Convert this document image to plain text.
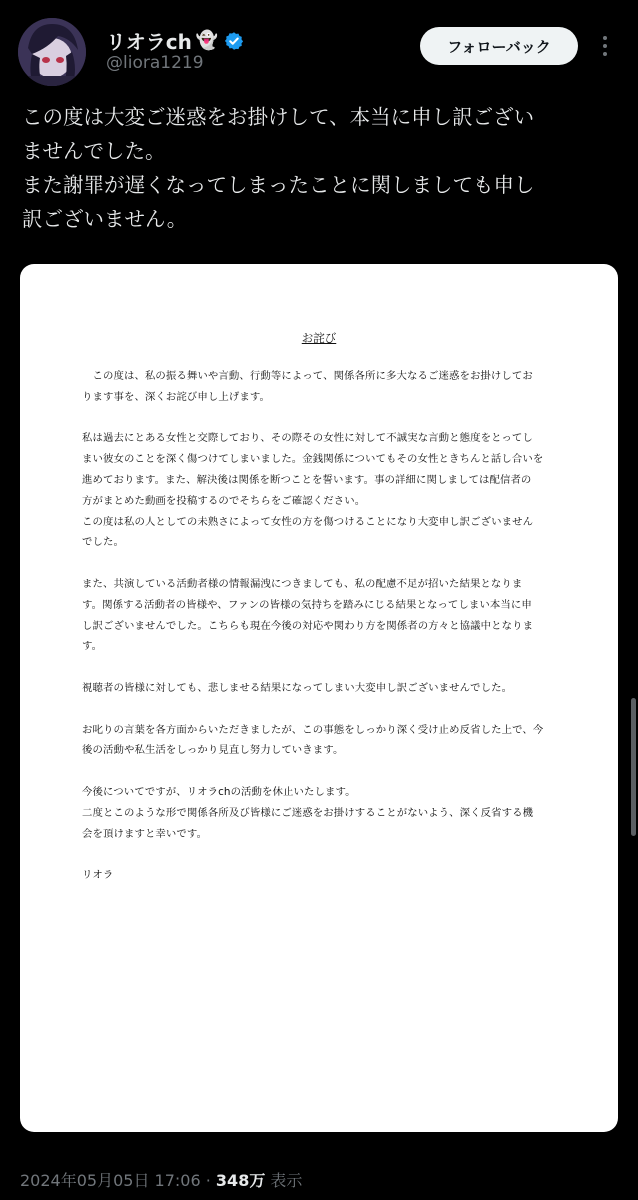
リオラch 👻
@liora1219
フォローバック
この度は大変ご迷惑をお掛けして、本当に申し訳ござい
ませんでした。
また謝罪が遅くなってしまったことに関しましても申し
訳ございません。
お詫び

　この度は、私の振る舞いや言動、行動等によって、関係各所に多大なるご迷惑をお掛けしてお
ります事を、深くお詫び申し上げます。

私は過去にとある女性と交際しており、その際その女性に対して不誠実な言動と態度をとってし
まい彼女のことを深く傷つけてしまいました。金銭関係についてもその女性ときちんと話し合いを
進めております。また、解決後は関係を断つことを誓います。事の詳細に関しましては配信者の
方がまとめた動画を投稿するのでそちらをご確認ください。
この度は私の人としての未熟さによって女性の方を傷つけることになり大変申し訳ございません
でした。

また、共演している活動者様の情報漏洩につきましても、私の配慮不足が招いた結果となりま
す。関係する活動者の皆様や、ファンの皆様の気持ちを踏みにじる結果となってしまい本当に申
し訳ございませんでした。こちらも現在今後の対応や関わり方を関係者の方々と協議中となりま
す。

視聴者の皆様に対しても、悲しませる結果になってしまい大変申し訳ございませんでした。

お叱りの言葉を各方面からいただきましたが、この事態をしっかり深く受け止め反省した上で、今
後の活動や私生活をしっかり見直し努力していきます。

今後についてですが、リオラchの活動を休止いたします。
二度とこのような形で関係各所及び皆様にご迷惑をお掛けすることがないよう、深く反省する機
会を頂けますと幸いです。

リオラ

2024年05月05日 17:06 · 348万 表示
